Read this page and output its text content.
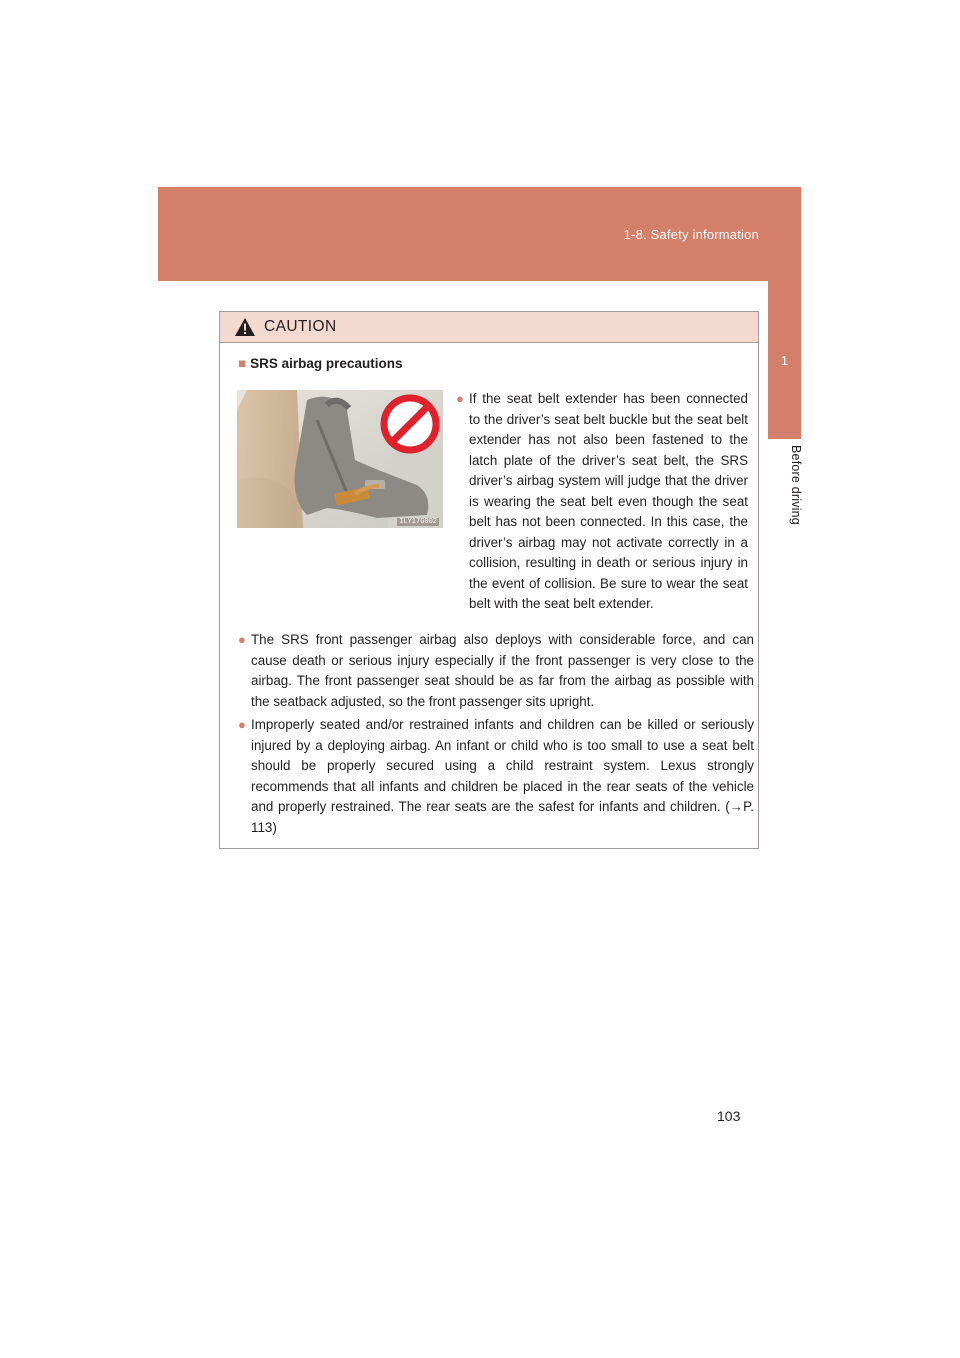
1-8. Safety information
1
Before driving
CAUTION
■ SRS airbag precautions
ILY17G002
● If the seat belt extender has been connected to the driver’s seat belt buckle but the seat belt extender has not also been fastened to the latch plate of the driver’s seat belt, the SRS driver’s airbag system will judge that the driver is wearing the seat belt even though the seat belt has not been connected. In this case, the driver’s airbag may not activate correctly in a collision, resulting in death or serious injury in the event of collision. Be sure to wear the seat belt with the seat belt extender.
● The SRS front passenger airbag also deploys with considerable force, and can cause death or serious injury especially if the front passenger is very close to the airbag. The front passenger seat should be as far from the airbag as possible with the seatback adjusted, so the front passenger sits upright.
● Improperly seated and/or restrained infants and children can be killed or seriously injured by a deploying airbag. An infant or child who is too small to use a seat belt should be properly secured using a child restraint system. Lexus strongly recommends that all infants and children be placed in the rear seats of the vehicle and properly restrained. The rear seats are the safest for infants and children. (→P. 113)
103
